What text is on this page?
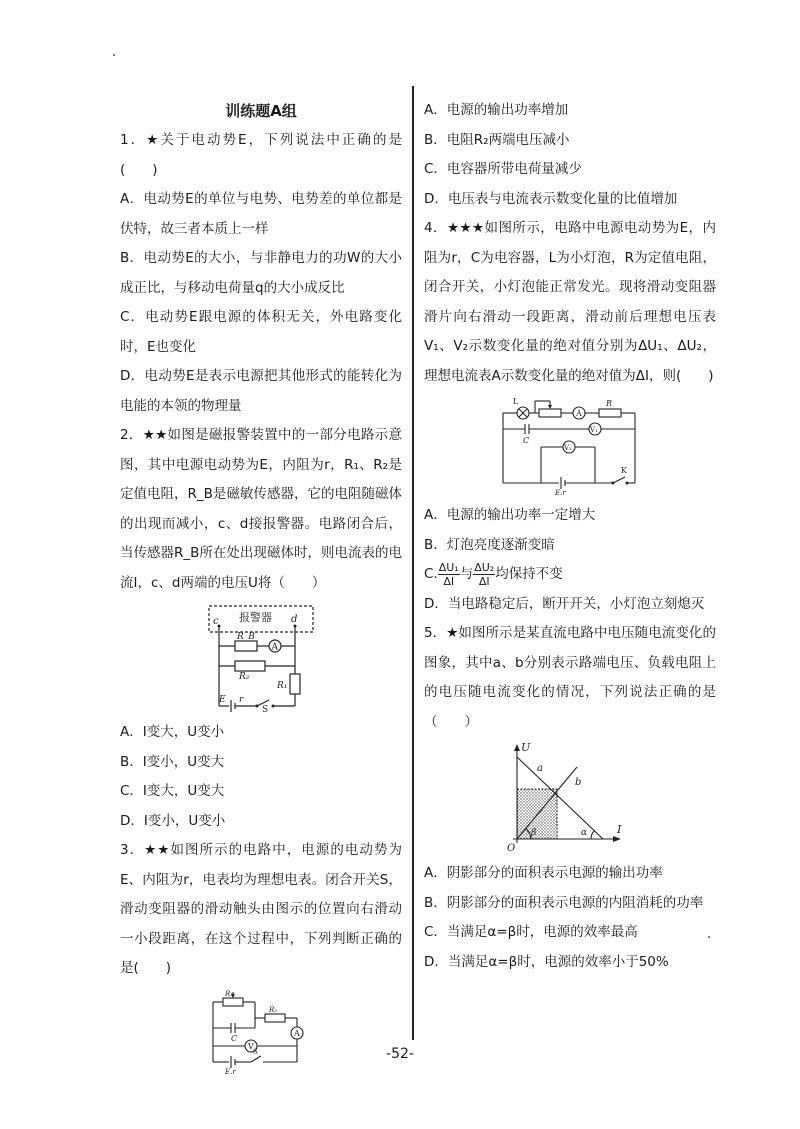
训练题A组

1．★关于电动势E，下列说法中正确的是(　　)

A．电动势E的单位与电势、电势差的单位都是伏特，故三者本质上一样

B．电动势E的大小，与非静电力的功W的大小成正比，与移动电荷量q的大小成反比

C．电动势E跟电源的体积无关，外电路变化时，E也变化

D．电动势E是表示电源把其他形式的能转化为电能的本领的物理量

2．★★如图是磁报警装置中的一部分电路示意图，其中电源电动势为E，内阻为r，R₁、R₂是定值电阻，R_B是磁敏传感器，它的电阻随磁体的出现而减小，c、d接报警器。电路闭合后，当传感器R_B所在处出现磁体时，则电流表的电流I，c、d两端的电压U将（　　）

报警器
c	d
R_B
A
R₂
R₁
E r
S

A．I变大，U变小

B．I变小，U变大

C．I变大，U变大

D．I变小，U变小

3．★★如图所示的电路中，电源的电动势为E、内阻为r，电表均为理想电表。闭合开关S，滑动变阻器的滑动触头由图示的位置向右滑动一小段距离，在这个过程中，下列判断正确的是(　　)

R₁
R₂
C
A
V
E,r
S

A．电源的输出功率增加

B．电阻R₂两端电压减小

C．电容器所带电荷量减少

D．电压表与电流表示数变化量的比值增加

4．★★★如图所示，电路中电源电动势为E，内阻为r，C为电容器，L为小灯泡，R为定值电阻，闭合开关，小灯泡能正常发光。现将滑动变阻器滑片向右滑动一段距离，滑动前后理想电压表V₁、V₂示数变化量的绝对值分别为ΔU₁、ΔU₂，理想电流表A示数变化量的绝对值为ΔI，则(　　)

L
A
R
C
V₁
V₂
K
E,r

A．电源的输出功率一定增大

B．灯泡亮度逐渐变暗

C. $\frac{\text{ΔU₁}}{\Delta I}$ 与 $\frac{\text{ΔU₂}}{\Delta I}$ 均保持不变

D．当电路稳定后，断开开关，小灯泡立刻熄灭

5．★如图所示是某直流电路中电压随电流变化的图象，其中a、b分别表示路端电压、负载电阻上的电压随电流变化的情况，下列说法正确的是（　　）

U
I
O
a
b
β	α

A．阴影部分的面积表示电源的输出功率

B．阴影部分的面积表示电源的内阻消耗的功率

C．当满足α=β时，电源的效率最高

D．当满足α=β时，电源的效率小于50%

-52-
